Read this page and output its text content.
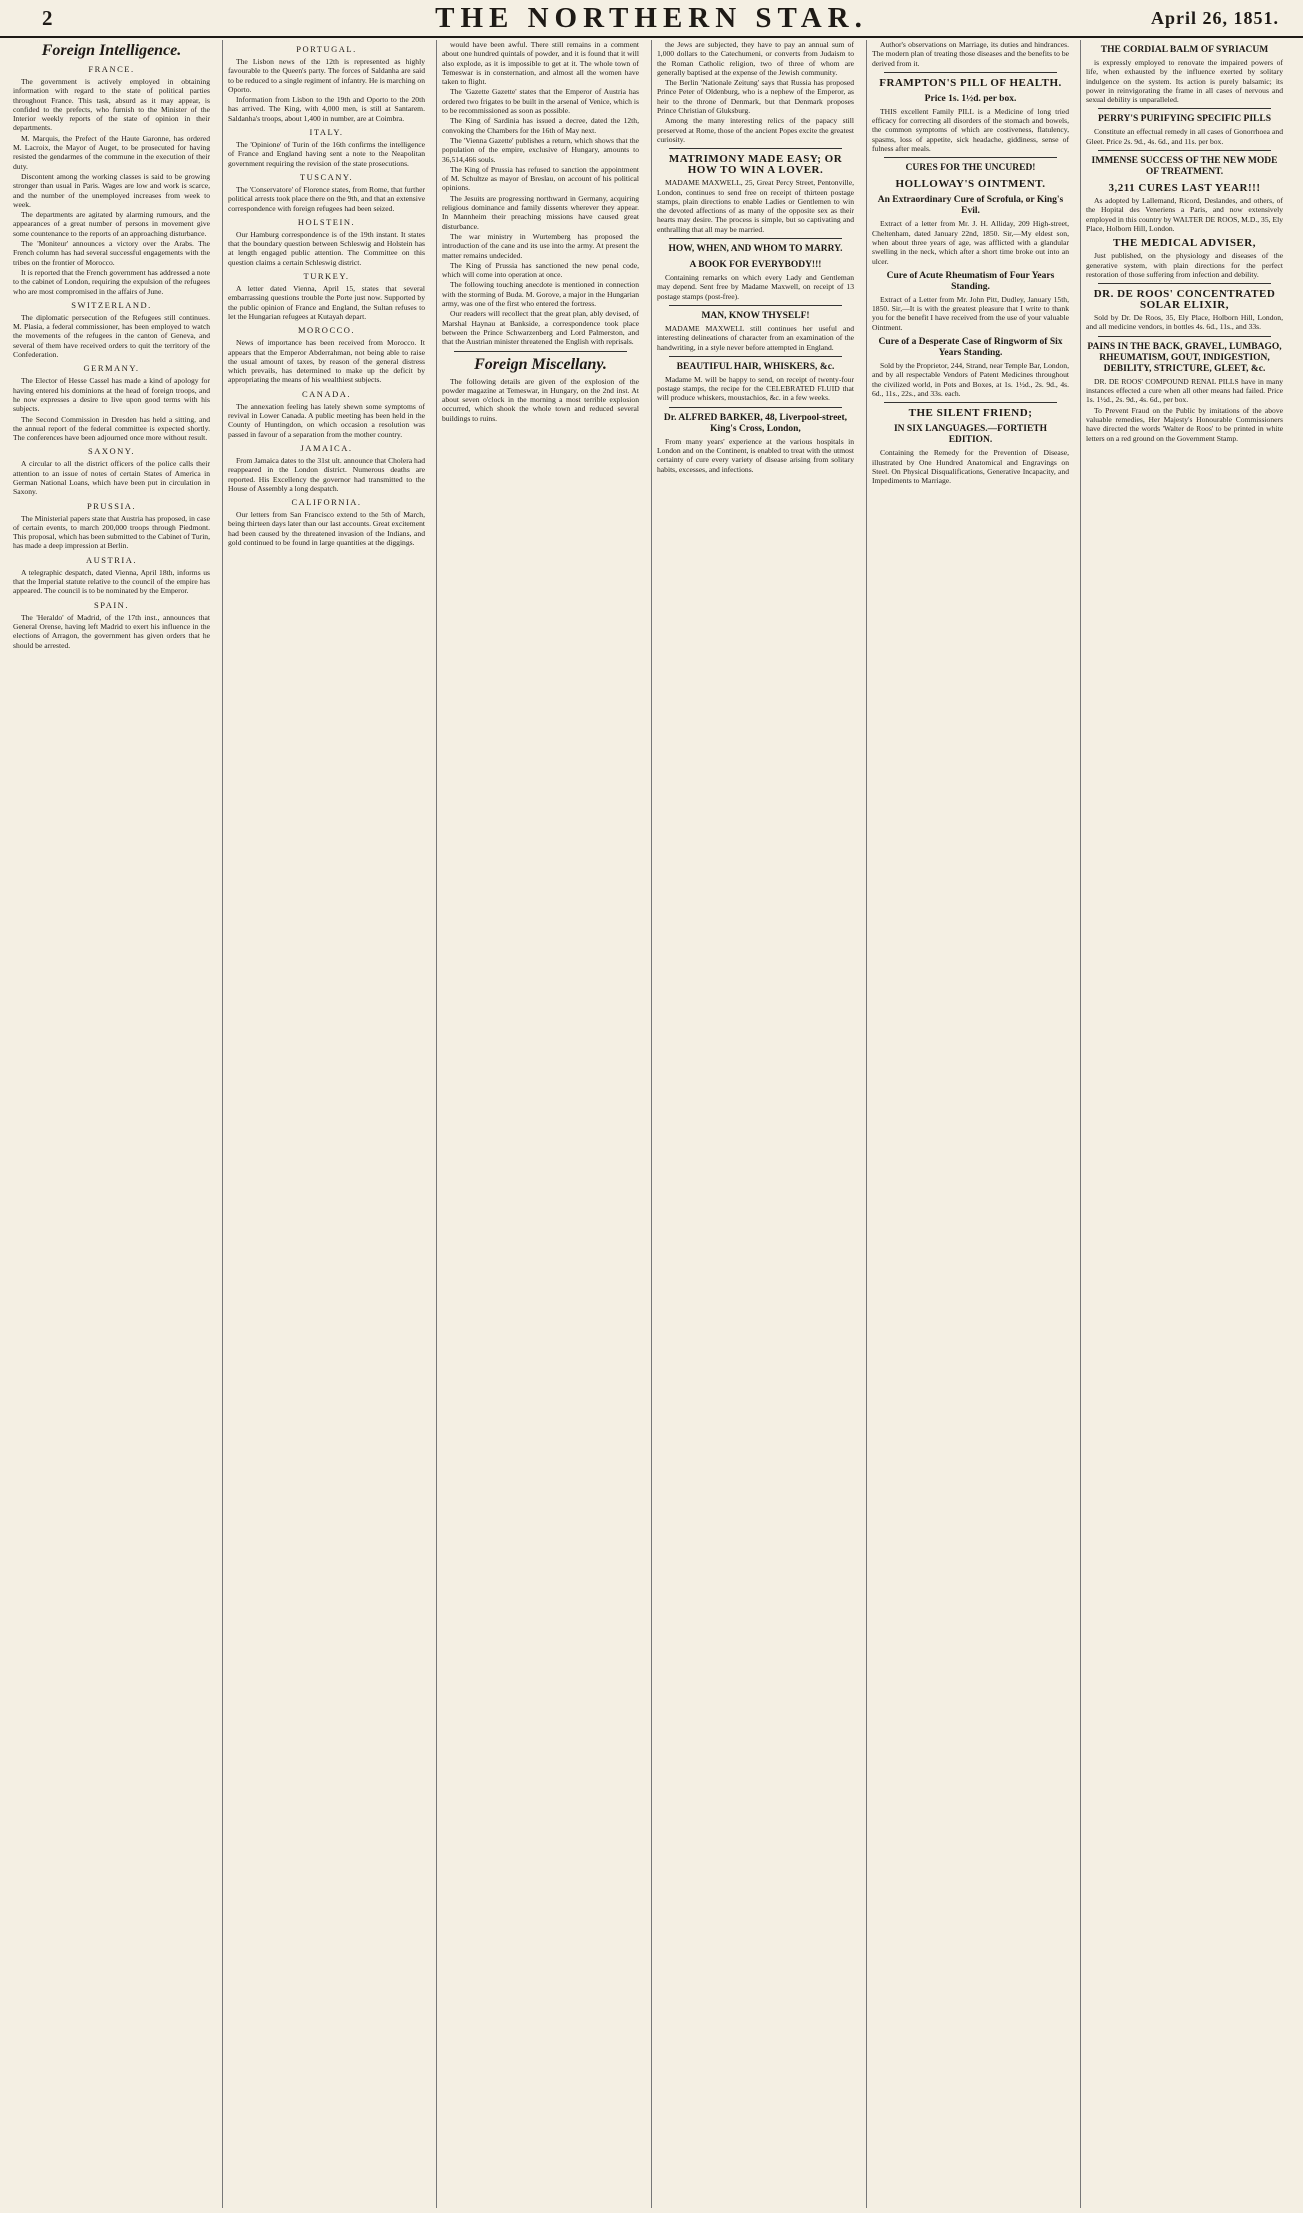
2	THE NORTHERN STAR.	April 26, 1851.
Foreign Intelligence.
FRANCE.

The government is actively employed in obtaining information with regard to the state of political parties throughout France. This task, absurd as it may appear, is confided to the prefects, who furnish to the Minister of the Interior weekly reports of the state of opinion in their departments.

M. Marquis, the Prefect of the Haute Garonne, has ordered M. Lacroix, the Mayor of Auget, to be prosecuted for having resisted the gendarmes of the commune in the execution of their duty.

Discontent among the working classes is said to be growing stronger than usual in Paris. Wages are low and work is scarce, and the number of the unemployed increases from week to week.

The departments are agitated by alarming rumours, and the appearances of a great number of persons in movement give some countenance to the reports of an approaching disturbance.

The 'Moniteur' announces a victory over the Arabs. The French column has had several successful engagements with the tribes on the frontier of Morocco.

It is reported that the French government has addressed a note to the cabinet of London, requiring the expulsion of the refugees who are most compromised in the affairs of June.

SWITZERLAND.

The diplomatic persecution of the Refugees still continues. M. Plasia, a federal commissioner, has been employed to watch the movements of the refugees in the canton of Geneva, and several of them have received orders to quit the territory of the Confederation.

GERMANY.

The Elector of Hesse Cassel has made a kind of apology for having entered his dominions at the head of foreign troops, and he now expresses a desire to live upon good terms with his subjects.

The Second Commission in Dresden has held a sitting, and the annual report of the federal committee is expected shortly. The conferences have been adjourned once more without result.

SAXONY.

A circular to all the district officers of the police calls their attention to an issue of notes of certain States of America in German National Loans, which have been put in circulation in Saxony.

PRUSSIA.

The Ministerial papers state that Austria has proposed, in case of certain events, to march 200,000 troops through Piedmont. This proposal, which has been submitted to the Cabinet of Turin, has made a deep impression at Berlin.

AUSTRIA.

A telegraphic despatch, dated Vienna, April 18th, informs us that the Imperial statute relative to the council of the empire has appeared. The council is to be nominated by the Emperor.

SPAIN.

The 'Heraldo' of Madrid, of the 17th inst., announces that General Orense, having left Madrid to exert his influence in the elections of Arragon, the government has given orders that he should be arrested.

PORTUGAL.

The Lisbon news of the 12th is represented as highly favourable to the Queen's party. The forces of Saldanha are said to be reduced to a single regiment of infantry. He is marching on Oporto.

Information from Lisbon to the 19th and Oporto to the 20th has arrived. The King, with 4,000 men, is still at Santarem. Saldanha's troops, about 1,400 in number, are at Coimbra.

ITALY.

The 'Opinione' of Turin of the 16th confirms the intelligence of France and England having sent a note to the Neapolitan government requiring the revision of the state prosecutions.

TUSCANY.

The 'Conservatore' of Florence states, from Rome, that further political arrests took place there on the 9th, and that an extensive correspondence with foreign refugees had been seized.

HOLSTEIN.

Our Hamburg correspondence is of the 19th instant. It states that the boundary question between Schleswig and Holstein has at length engaged public attention. The Committee on this question claims a certain Schleswig district.

TURKEY.

A letter dated Vienna, April 15, states that several embarrassing questions trouble the Porte just now. Supported by the public opinion of France and England, the Sultan refuses to let the Hungarian refugees at Kutayah depart.

MOROCCO.

News of importance has been received from Morocco. It appears that the Emperor Abderrahman, not being able to raise the usual amount of taxes, by reason of the general distress which prevails, has determined to make up the deficit by appropriating the means of his wealthiest subjects.

CANADA.

The annexation feeling has lately shewn some symptoms of revival in Lower Canada. A public meeting has been held in the County of Huntingdon, on which occasion a resolution was passed in favour of a separation from the mother country.

JAMAICA.

From Jamaica dates to the 31st ult. announce that Cholera had reappeared in the London district. Numerous deaths are reported. His Excellency the governor had transmitted to the House of Assembly a long despatch.

CALIFORNIA.

Our letters from San Francisco extend to the 5th of March, being thirteen days later than our last accounts. Great excitement had been caused by the threatened invasion of the Indians, and gold continued to be found in large quantities at the diggings.

would have been awful. There still remains in a comment about one hundred quintals of powder, and it is found that it will also explode, as it is impossible to get at it. The whole town of Temeswar is in consternation, and almost all the women have taken to flight.

The 'Gazette Gazette' states that the Emperor of Austria has ordered two frigates to be built in the arsenal of Venice, which is to be recommissioned as soon as possible.

The King of Sardinia has issued a decree, dated the 12th, convoking the Chambers for the 16th of May next.

The 'Vienna Gazette' publishes a return, which shows that the population of the empire, exclusive of Hungary, amounts to 36,514,466 souls.

The King of Prussia has refused to sanction the appointment of M. Schultze as mayor of Breslau, on account of his political opinions.

The Jesuits are progressing northward in Germany, acquiring religious dominance and family dissents wherever they appear. In Mannheim their preaching missions have caused great disturbance.

The war ministry in Wurtemberg has proposed the introduction of the cane and its use into the army. At present the matter remains undecided.

The King of Prussia has sanctioned the new penal code, which will come into operation at once.

The following touching anecdote is mentioned in connection with the storming of Buda. M. Gorove, a major in the Hungarian army, was one of the first who entered the fortress.

Our readers will recollect that the great plan, ably devised, of Marshal Haynau at Bankside, a correspondence took place between the Prince Schwarzenberg and Lord Palmerston, and that the Austrian minister threatened the English with reprisals.

Foreign Miscellany.

The following details are given of the explosion of the powder magazine at Temeswar, in Hungary, on the 2nd inst. At about seven o'clock in the morning a most terrible explosion occurred, which shook the whole town and reduced several buildings to ruins.

the Jews are subjected, they have to pay an annual sum of 1,000 dollars to the Catechumeni, or converts from Judaism to the Roman Catholic religion, two of three of whom are generally baptised at the expense of the Jewish community.

The Berlin 'Nationale Zeitung' says that Russia has proposed Prince Peter of Oldenburg, who is a nephew of the Emperor, as heir to the throne of Denmark, but that Denmark proposes Prince Christian of Gluksburg.

Among the many interesting relics of the papacy still preserved at Rome, those of the ancient Popes excite the greatest curiosity.

MATRIMONY MADE EASY; OR HOW TO WIN A LOVER.

MADAME MAXWELL, 25, Great Percy Street, Pentonville, London, continues to send free on receipt of thirteen postage stamps, plain directions to enable Ladies or Gentlemen to win the devoted affections of as many of the opposite sex as their hearts may desire. The process is simple, but so captivating and enthralling that all may be married.

HOW, WHEN, AND WHOM TO MARRY.
A BOOK FOR EVERYBODY!!!

Containing remarks on which every Lady and Gentleman may depend. Sent free by Madame Maxwell, on receipt of 13 postage stamps (post-free).

MAN, KNOW THYSELF!

MADAME MAXWELL still continues her useful and interesting delineations of character from an examination of the handwriting, in a style never before attempted in England.

BEAUTIFUL HAIR, WHISKERS, &c.

Madame M. will be happy to send, on receipt of twenty-four postage stamps, the recipe for the CELEBRATED FLUID that will produce whiskers, moustachios, &c. in a few weeks.

Dr. ALFRED BARKER, 48, Liverpool-street, King's Cross, London,

From many years' experience at the various hospitals in London and on the Continent, is enabled to treat with the utmost certainty of cure every variety of disease arising from solitary habits, excesses, and infections.

Author's observations on Marriage, its duties and hindrances. The modern plan of treating those diseases and the benefits to be derived from it.

FRAMPTON'S PILL OF HEALTH.
Price 1s. 1½d. per box.

THIS excellent Family PILL is a Medicine of long tried efficacy for correcting all disorders of the stomach and bowels, the common symptoms of which are costiveness, flatulency, spasms, loss of appetite, sick headache, giddiness, sense of fulness after meals.

CURES FOR THE UNCURED!
HOLLOWAY'S OINTMENT.
An Extraordinary Cure of Scrofula, or King's Evil.

Extract of a letter from Mr. J. H. Alliday, 209 High-street, Cheltenham, dated January 22nd, 1850. Sir,—My eldest son, when about three years of age, was afflicted with a glandular swelling in the neck, which after a short time broke out into an ulcer.

Cure of Acute Rheumatism of Four Years Standing.

Extract of a Letter from Mr. John Pitt, Dudley, January 15th, 1850. Sir,—It is with the greatest pleasure that I write to thank you for the benefit I have received from the use of your valuable Ointment.

Cure of a Desperate Case of Ringworm of Six Years Standing.

Sold by the Proprietor, 244, Strand, near Temple Bar, London, and by all respectable Vendors of Patent Medicines throughout the civilized world, in Pots and Boxes, at 1s. 1½d., 2s. 9d., 4s. 6d., 11s., 22s., and 33s. each.

THE SILENT FRIEND;
IN SIX LANGUAGES.—FORTIETH EDITION.

Containing the Remedy for the Prevention of Disease, illustrated by One Hundred Anatomical and Engravings on Steel. On Physical Disqualifications, Generative Incapacity, and Impediments to Marriage.

THE CORDIAL BALM OF SYRIACUM

is expressly employed to renovate the impaired powers of life, when exhausted by the influence exerted by solitary indulgence on the system. Its action is purely balsamic; its power in reinvigorating the frame in all cases of nervous and sexual debility is unparalleled.

PERRY'S PURIFYING SPECIFIC PILLS

Constitute an effectual remedy in all cases of Gonorrhoea and Gleet. Price 2s. 9d., 4s. 6d., and 11s. per box.

IMMENSE SUCCESS OF THE NEW MODE OF TREATMENT.
3,211 CURES LAST YEAR!!!

As adopted by Lallemand, Ricord, Deslandes, and others, of the Hopital des Veneriens a Paris, and now extensively employed in this country by WALTER DE ROOS, M.D., 35, Ely Place, Holborn Hill, London.

THE MEDICAL ADVISER,

Just published, on the physiology and diseases of the generative system, with plain directions for the perfect restoration of those suffering from infection and debility.

DR. DE ROOS' CONCENTRATED SOLAR ELIXIR,

Sold by Dr. De Roos, 35, Ely Place, Holborn Hill, London, and all medicine vendors, in bottles 4s. 6d., 11s., and 33s.

PAINS IN THE BACK, GRAVEL, LUMBAGO, RHEUMATISM, GOUT, INDIGESTION, DEBILITY, STRICTURE, GLEET, &c.

DR. DE ROOS' COMPOUND RENAL PILLS have in many instances effected a cure when all other means had failed. Price 1s. 1½d., 2s. 9d., 4s. 6d., per box.

To Prevent Fraud on the Public by imitations of the above valuable remedies, Her Majesty's Honourable Commissioners have directed the words 'Walter de Roos' to be printed in white letters on a red ground on the Government Stamp.
